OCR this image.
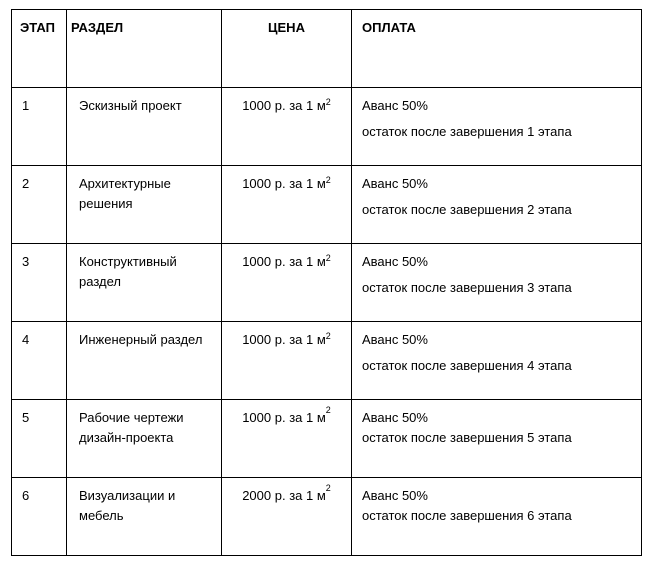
ЭТАП	РАЗДЕЛ	ЦЕНА	ОПЛАТА

1	Эскизный проект	1000 р. за 1 $м^2$	Аванс 50%
остаток после завершения 1 этапа

2	Архитектурные решения	1000 р. за 1 $м^2$	Аванс 50%
остаток после завершения 2 этапа

3	Конструктивный раздел	1000 р. за 1 $м^2$	Аванс 50%
остаток после завершения 3 этапа

4	Инженерный раздел	1000 р. за 1 $м^2$	Аванс 50%
остаток после завершения 4 этапа

5	Рабочие чертежи дизайн-проекта	1000 р. за 1 $м^2$	Аванс 50%
остаток после завершения 5 этапа

6	Визуализации и мебель	2000 р. за 1 $м^2$	Аванс 50%
остаток после завершения 6 этапа
